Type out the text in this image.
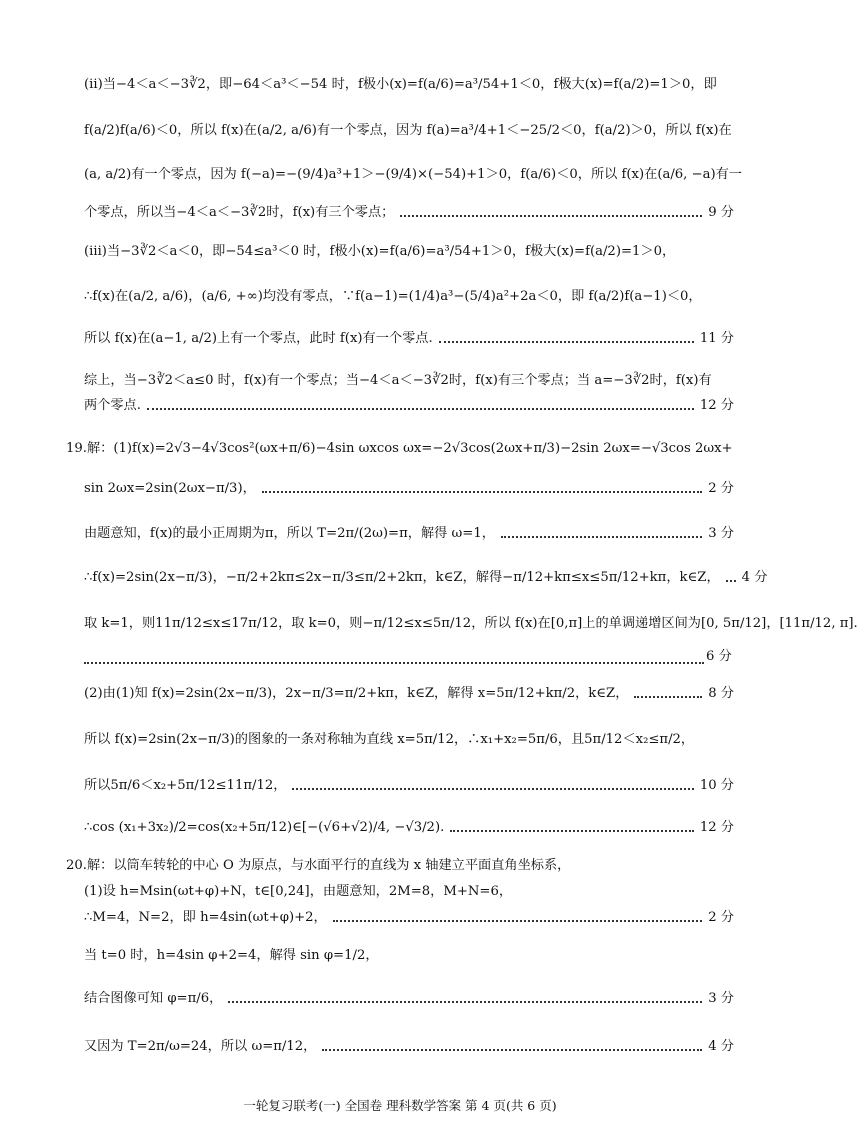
(ⅱ)当−4＜a＜−3∛2，即−64＜a³＜−54 时，f极小(x)=f(a/6)=a³/54+1＜0，f极大(x)=f(a/2)=1＞0，即
f(a/2)f(a/6)＜0，所以 f(x)在(a/2, a/6)有一个零点，因为 f(a)=a³/4+1＜−25/2＜0，f(a/2)＞0，所以 f(x)在
(a, a/2)有一个零点，因为 f(−a)=−(9/4)a³+1＞−(9/4)×(−54)+1＞0，f(a/6)＜0，所以 f(x)在(a/6, −a)有一
个零点，所以当−4＜a＜−3∛2时，f(x)有三个零点；	9 分
(ⅲ)当−3∛2＜a＜0，即−54≤a³＜0 时，f极小(x)=f(a/6)=a³/54+1＞0，f极大(x)=f(a/2)=1＞0，
∴f(x)在(a/2, a/6)，(a/6, +∞)均没有零点，∵f(a−1)=(1/4)a³−(5/4)a²+2a＜0，即 f(a/2)f(a−1)＜0，
所以 f(x)在(a−1, a/2)上有一个零点，此时 f(x)有一个零点.	11 分
综上，当−3∛2＜a≤0 时，f(x)有一个零点；当−4＜a＜−3∛2时，f(x)有三个零点；当 a=−3∛2时，f(x)有
两个零点.	12 分
19.解：(1)f(x)=2√3−4√3cos²(ωx+π/6)−4sin ωxcos ωx=−2√3cos(2ωx+π/3)−2sin 2ωx=−√3cos 2ωx+
sin 2ωx=2sin(2ωx−π/3)，	2 分
由题意知，f(x)的最小正周期为π，所以 T=2π/(2ω)=π，解得 ω=1，	3 分
∴f(x)=2sin(2x−π/3)，−π/2+2kπ≤2x−π/3≤π/2+2kπ，k∈Z，解得−π/12+kπ≤x≤5π/12+kπ，k∈Z， 4 分
取 k=1，则11π/12≤x≤17π/12，取 k=0，则−π/12≤x≤5π/12，所以 f(x)在[0,π]上的单调递增区间为[0, 5π/12]，[11π/12, π].
6 分
(2)由(1)知 f(x)=2sin(2x−π/3)，2x−π/3=π/2+kπ，k∈Z，解得 x=5π/12+kπ/2，k∈Z，	8 分
所以 f(x)=2sin(2x−π/3)的图象的一条对称轴为直线 x=5π/12，∴x₁+x₂=5π/6，且5π/12＜x₂≤π/2，
所以5π/6＜x₂+5π/12≤11π/12，	10 分
∴cos (x₁+3x₂)/2=cos(x₂+5π/12)∈[−(√6+√2)/4, −√3/2).	12 分
20.解：以筒车转轮的中心 O 为原点，与水面平行的直线为 x 轴建立平面直角坐标系，
(1)设 h=Msin(ωt+φ)+N，t∈[0,24]，由题意知，2M=8，M+N=6，
∴M=4，N=2，即 h=4sin(ωt+φ)+2，	2 分
当 t=0 时，h=4sin φ+2=4，解得 sin φ=1/2，
结合图像可知 φ=π/6，	3 分
又因为 T=2π/ω=24，所以 ω=π/12，	4 分
一轮复习联考(一) 全国卷 理科数学答案 第 4 页(共 6 页)
